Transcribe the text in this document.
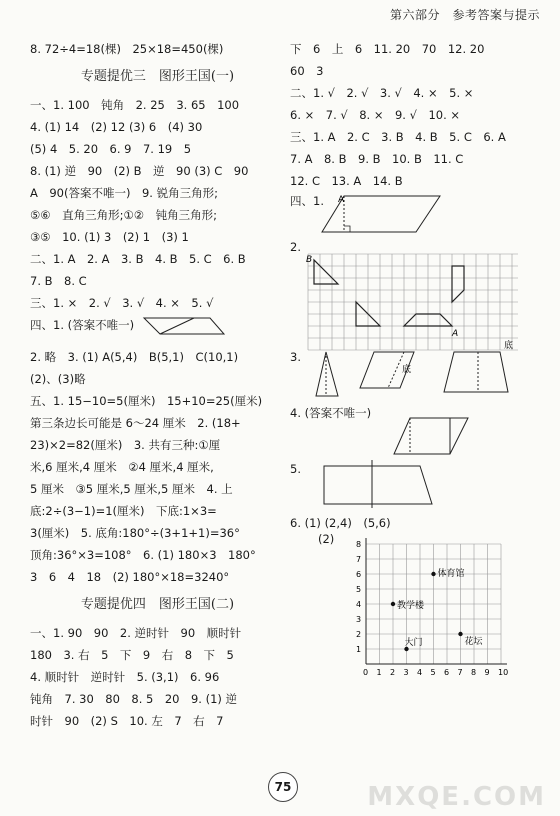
第六部分　参考答案与提示
8. 72÷4=18(棵)　25×18=450(棵)
专题提优三　图形王国(一)
一、1. 100　钝角　2. 25　3. 65　100
4. (1) 14　(2) 12 (3) 6　(4) 30
(5) 4　5. 20　6. 9　7. 19　5
8. (1) 逆　90　(2) B　逆　90 (3) C　90
A　90(答案不唯一)　9. 锐角三角形;
⑤⑥　直角三角形;①②　钝角三角形;
③⑤　10. (1) 3　(2) 1　(3) 1
二、1. A　2. A　3. B　4. B　5. C　6. B
7. B　8. C
三、1. ×　2. √　3. √　4. ×　5. √
四、1. (答案不唯一)
2. 略　3. (1) A(5,4)　B(5,1)　C(10,1)
(2)、(3)略
五、1. 15−10=5(厘米)　15+10=25(厘米)
第三条边长可能是 6～24 厘米　2. (18+
23)×2=82(厘米)　3. 共有三种:①厘
米,6 厘米,4 厘米　②4 厘米,4 厘米,
5 厘米　③5 厘米,5 厘米,5 厘米　4. 上
底:2÷(3−1)=1(厘米)　下底:1×3=
3(厘米)　5. 底角:180°÷(3+1+1)=36°
顶角:36°×3=108°　6. (1) 180×3　180°
3　6　4　18　(2) 180°×18=3240°
专题提优四　图形王国(二)
一、1. 90　90　2. 逆时针　90　顺时针
180　3. 右　5　下　9　右　8　下　5
4. 顺时针　逆时针　5. (3,1)　6. 96
钝角　7. 30　80　8. 5　20　9. (1) 逆
时针　90　(2) S　10. 左　7　右　7
下　6　上　6　11. 20　70　12. 20
60　3
二、1. √　2. √　3. √　4. ×　5. ×
6. ×　7. √　8. ×　9. √　10. ×
三、1. A　2. C　3. B　4. B　5. C　6. A
7. A　8. B　9. B　10. B　11. C
12. C　13. A　14. B
四、1. A
2.
B
A
3.
底
底
4. (答案不唯一)
5.
6. (1) (2,4)　(5,6)
(2)
0 1 2 3 4 5 6 7 8 9 10
1
2
3
4
5
6
7
8
体育馆
教学楼
大门	花坛
75	MXQE.COM
